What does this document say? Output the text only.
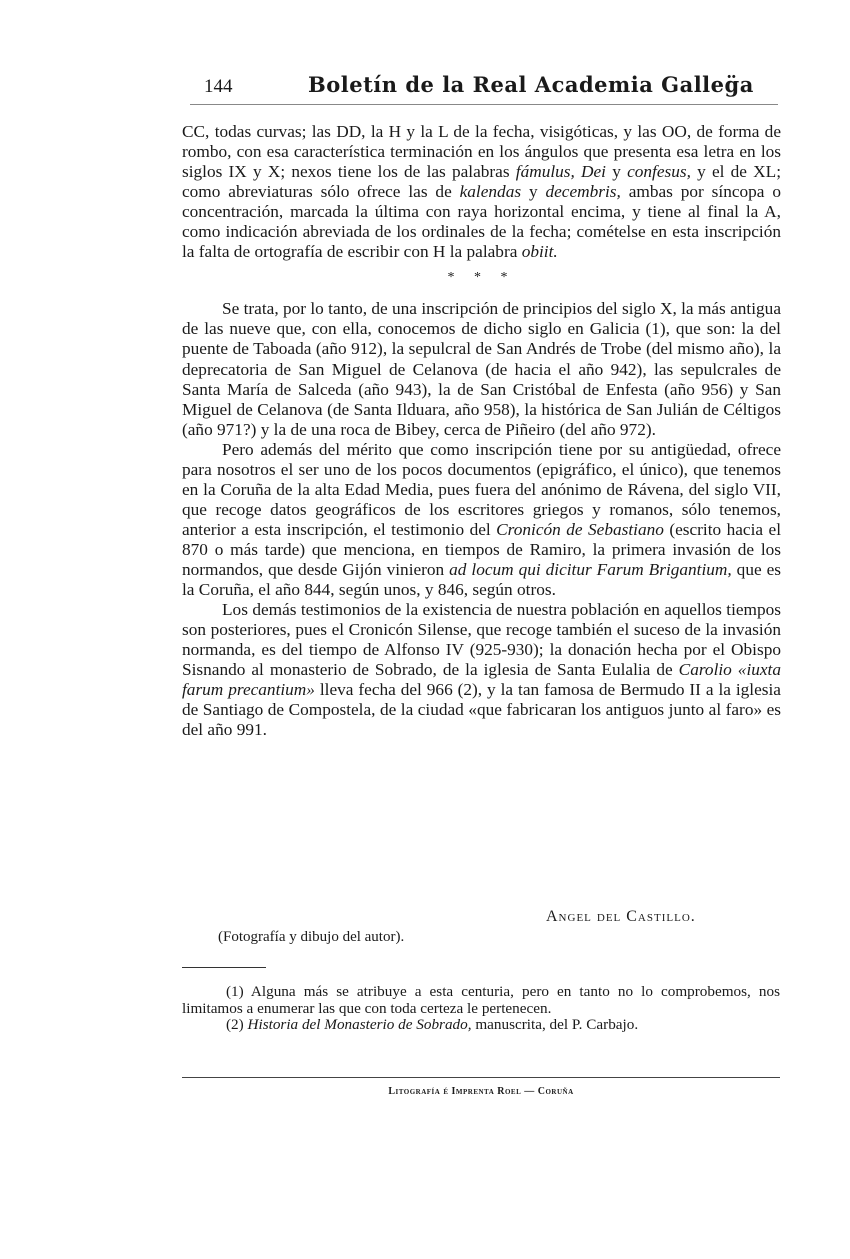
144	Boletín de la Real Academia Galleg̈a

CC, todas curvas; las DD, la H y la L de la fecha, visigóticas, y las OO, de forma de rombo, con esa característica terminación en los ángulos que presenta esa letra en los siglos IX y X; nexos tiene los de las palabras fámulus, Dei y confesus, y el de XL; como abreviaturas sólo ofrece las de kalendas y decembris, ambas por síncopa o concentración, marcada la última con raya horizontal encima, y tiene al final la A, como indicación abreviada de los ordinales de la fecha; comételse en esta inscripción la falta de ortografía de escribir con H la palabra obiit.

* * *

Se trata, por lo tanto, de una inscripción de principios del siglo X, la más antigua de las nueve que, con ella, conocemos de dicho siglo en Galicia (1), que son: la del puente de Taboada (año 912), la sepulcral de San Andrés de Trobe (del mismo año), la deprecatoria de San Miguel de Celanova (de hacia el año 942), las sepulcrales de Santa María de Salceda (año 943), la de San Cristóbal de Enfesta (año 956) y San Miguel de Celanova (de Santa Ilduara, año 958), la histórica de San Julián de Céltigos (año 971?) y la de una roca de Bibey, cerca de Piñeiro (del año 972).

Pero además del mérito que como inscripción tiene por su antigüedad, ofrece para nosotros el ser uno de los pocos documentos (epigráfico, el único), que tenemos en la Coruña de la alta Edad Media, pues fuera del anónimo de Rávena, del siglo VII, que recoge datos geográficos de los escritores griegos y romanos, sólo tenemos, anterior a esta inscripción, el testimonio del Cronicón de Sebastiano (escrito hacia el 870 o más tarde) que menciona, en tiempos de Ramiro, la primera invasión de los normandos, que desde Gijón vinieron ad locum qui dicitur Farum Brigantium, que es la Coruña, el año 844, según unos, y 846, según otros.

Los demás testimonios de la existencia de nuestra población en aquellos tiempos son posteriores, pues el Cronicón Silense, que recoge también el suceso de la invasión normanda, es del tiempo de Alfonso IV (925-930); la donación hecha por el Obispo Sisnando al monasterio de Sobrado, de la iglesia de Santa Eulalia de Carolio «iuxta farum precantium» lleva fecha del 966 (2), y la tan famosa de Bermudo II a la iglesia de Santiago de Compostela, de la ciudad «que fabricaran los antiguos junto al faro» es del año 991.

Angel del Castillo.
(Fotografía y dibujo del autor).

(1) Alguna más se atribuye a esta centuria, pero en tanto no lo comprobemos, nos limitamos a enumerar las que con toda certeza le pertenecen.

(2) Historia del Monasterio de Sobrado, manuscrita, del P. Carbajo.

Litografía é Imprenta Roel — Coruña
